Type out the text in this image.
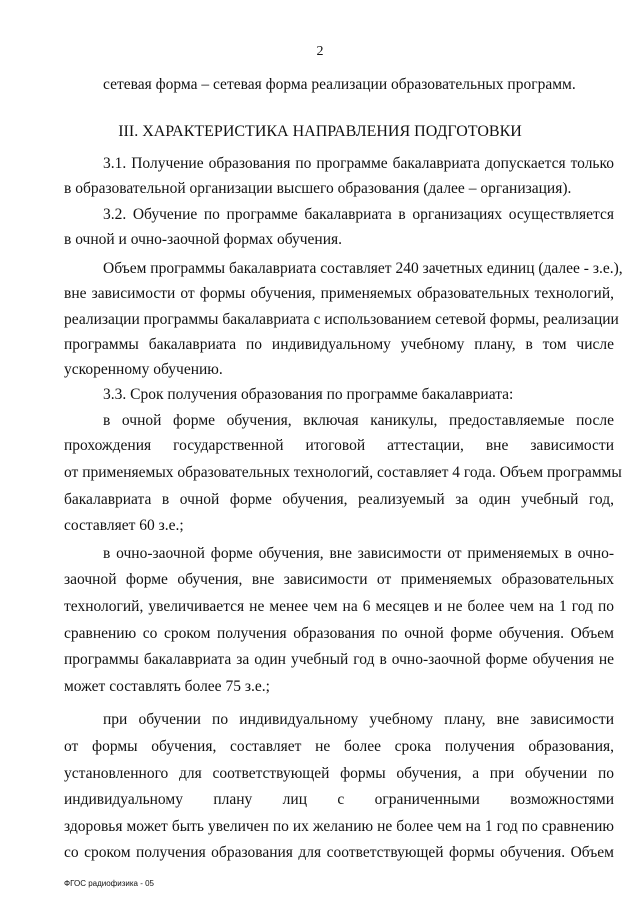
2
сетевая форма – сетевая форма реализации образовательных программ.
III. ХАРАКТЕРИСТИКА НАПРАВЛЕНИЯ ПОДГОТОВКИ
3.1. Получение образования по программе бакалавриата допускается только
в образовательной организации высшего образования (далее – организация).
3.2. Обучение по программе бакалавриата в организациях осуществляется
в очной и очно-заочной формах обучения.
Объем программы бакалавриата составляет 240 зачетных единиц (далее - з.е.),
вне зависимости от формы обучения, применяемых образовательных технологий,
реализации программы бакалавриата с использованием сетевой формы, реализации
программы бакалавриата по индивидуальному учебному плану, в том числе
ускоренному обучению.
3.3. Срок получения образования по программе бакалавриата:
в очной форме обучения, включая каникулы, предоставляемые после
прохождения государственной итоговой аттестации, вне зависимости
от применяемых образовательных технологий, составляет 4 года. Объем программы
бакалавриата в очной форме обучения, реализуемый за один учебный год,
составляет 60 з.е.;
в очно-заочной форме обучения, вне зависимости от применяемых в очно-
заочной форме обучения, вне зависимости от применяемых образовательных
технологий, увеличивается не менее чем на 6 месяцев и не более чем на 1 год по
сравнению со сроком получения образования по очной форме обучения. Объем
программы бакалавриата за один учебный год в очно-заочной форме обучения не
может составлять более 75 з.е.;
при обучении по индивидуальному учебному плану, вне зависимости
от формы обучения, составляет не более срока получения образования,
установленного для соответствующей формы обучения, а при обучении по
индивидуальному плану лиц с ограниченными возможностями
здоровья может быть увеличен по их желанию не более чем на 1 год по сравнению
со сроком получения образования для соответствующей формы обучения. Объем
ФГОС радиофизика - 05
